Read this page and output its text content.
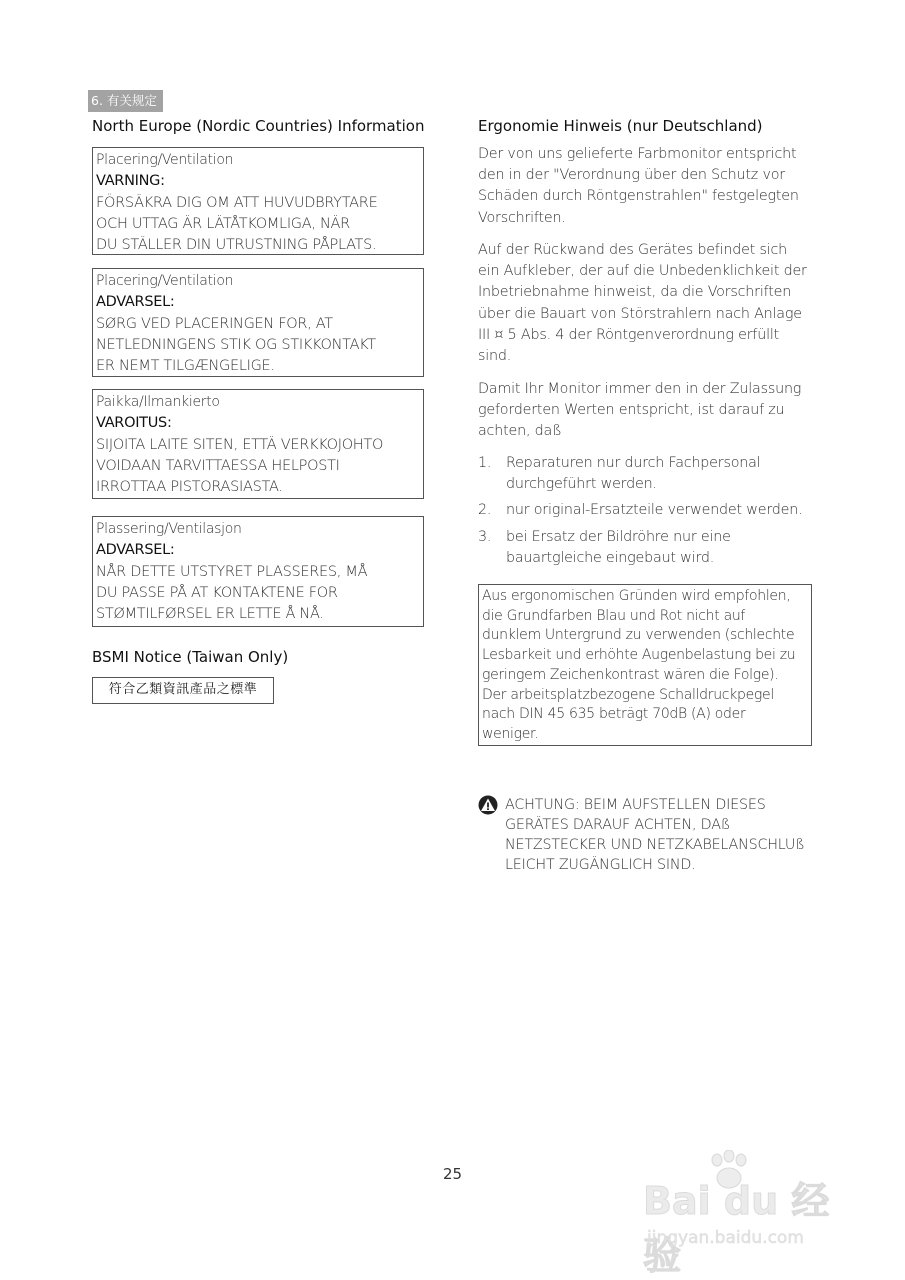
6. 有关规定
North Europe (Nordic Countries) Information
Placering/Ventilation
VARNING:
FÖRSÄKRA DIG OM ATT HUVUDBRYTARE
OCH UTTAG ÄR LÄTÅTKOMLIGA, NÄR
DU STÄLLER DIN UTRUSTNING PÅPLATS.
Placering/Ventilation
ADVARSEL:
SØRG VED PLACERINGEN FOR, AT
NETLEDNINGENS STIK OG STIKKONTAKT
ER NEMT TILGÆNGELIGE.
Paikka/Ilmankierto
VAROITUS:
SIJOITA LAITE SITEN, ETTÄ VERKKOJOHTO
VOIDAAN TARVITTAESSA HELPOSTI
IRROTTAA PISTORASIASTA.
Plassering/Ventilasjon
ADVARSEL:
NÅR DETTE UTSTYRET PLASSERES, MÅ
DU PASSE PÅ AT KONTAKTENE FOR
STØMTILFØRSEL ER LETTE Å NÅ.
BSMI Notice (Taiwan Only)
符合乙類資訊產品之標準
Ergonomie Hinweis (nur Deutschland)
Der von uns gelieferte Farbmonitor entspricht den in der "Verordnung über den Schutz vor Schäden durch Röntgenstrahlen" festgelegten Vorschriften.
Auf der Rückwand des Gerätes befindet sich ein Aufkleber, der auf die Unbedenklichkeit der Inbetriebnahme hinweist, da die Vorschriften über die Bauart von Störstrahlern nach Anlage III ¤ 5 Abs. 4 der Röntgenverordnung erfüllt sind.
Damit Ihr Monitor immer den in der Zulassung geforderten Werten entspricht, ist darauf zu achten, daß
1. Reparaturen nur durch Fachpersonal durchgeführt werden.
2. nur original-Ersatzteile verwendet werden.
3. bei Ersatz der Bildröhre nur eine bauartgleiche eingebaut wird.
Aus ergonomischen Gründen wird empfohlen,
die Grundfarben Blau und Rot nicht auf
dunklem Untergrund zu verwenden (schlechte
Lesbarkeit und erhöhte Augenbelastung bei zu
geringem Zeichenkontrast wären die Folge).
Der arbeitsplatzbezogene Schalldruckpegel
nach DIN 45 635 beträgt 70dB (A) oder
weniger.
ACHTUNG: BEIM AUFSTELLEN DIESES GERÄTES DARAUF ACHTEN, DAß NETZSTECKER UND NETZKABELANSCHLUß LEICHT ZUGÄNGLICH SIND.
25
Bai du 经验
jingyan.baidu.com
